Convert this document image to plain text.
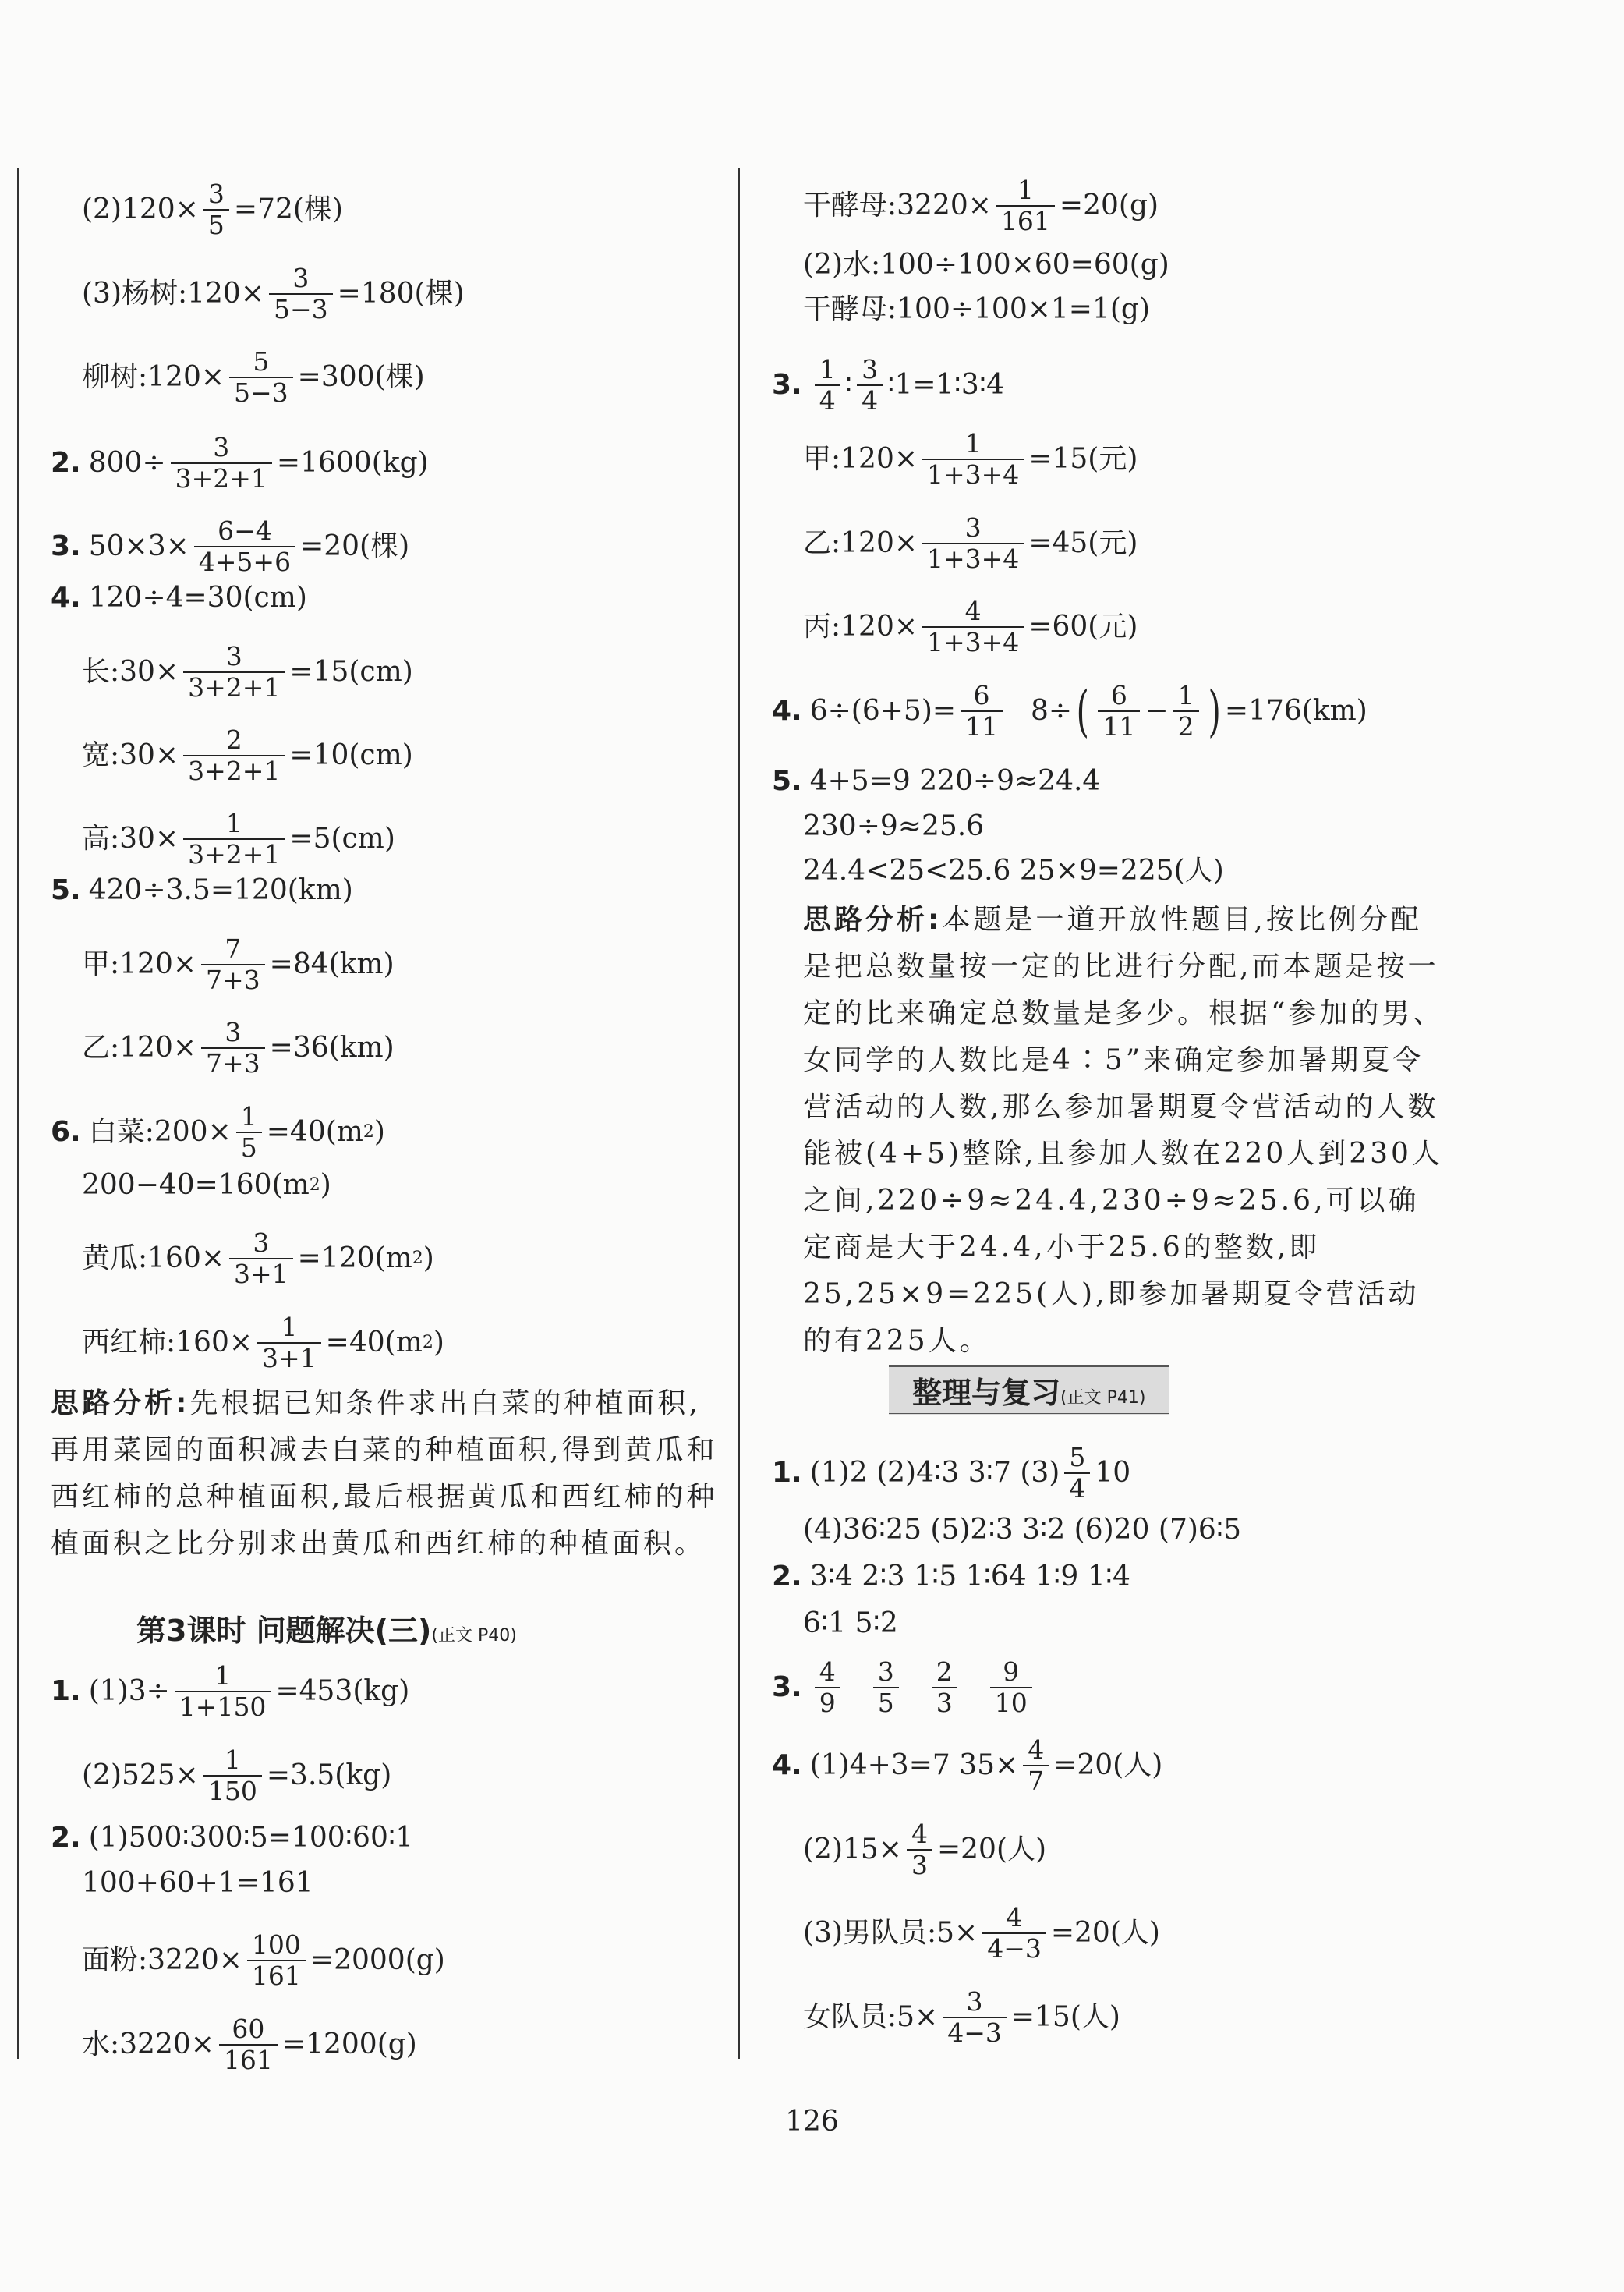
$(2)120\times \frac{3}{5} =72$(棵)
(3)杨树:120× $\frac{3}{5-3} =180$(棵)
柳树:120× $\frac{5}{5-3} =300$(棵)
2. $800\div \frac{3}{3+2+1} =1600(kg)$
3. $50\times 3\times \frac{6-4}{4+5+6} =20$(棵)
4. 120÷4=30(cm)
长:30× $\frac{3}{3+2+1} =15(cm)$
宽:30× $\frac{2}{3+2+1} =10(cm)$
高:30× $\frac{1}{3+2+1} =5(cm)$
5. 420÷3.5=120(km)
甲:120× $\frac{7}{7+3} =84(km)$
乙:120× $\frac{3}{7+3} =36(km)$
6. 白菜:200× $\frac{1}{5} =40(m$ 2 )
200−40=160(m 2 )
黄瓜:160× $\frac{3}{3+1} =120(m$ 2 )
西红柿:160× $\frac{1}{3+1} =40(m$ 2 )
思路分析:先根据已知条件求出白菜的种植面积,再用菜园的面积减去白菜的种植面积,得到黄瓜和西红柿的总种植面积,最后根据黄瓜和西红柿的种植面积之比分别求出黄瓜和西红柿的种植面积。
第3课时 问题解决(三)(正文 P40)
1. $(1)3\div \frac{1}{1+150} =453(kg)$
$(2)525\times \frac{1}{150} =3.5(kg)$
2. (1)500∶300∶5=100∶60∶1
100+60+1=161
面粉:3220× $\frac{100}{161} =2000(g)$
水:3220× $\frac{60}{161} =1200(g)$
干酵母:3220× $\frac{1}{161} =20(g)$
(2)水:100÷100×60=60(g)
干酵母:100÷100×1=1(g)
3. $\frac{1}{4}$ ∶ $\frac{3}{4}$ ∶1=1∶3∶4
甲:120× $\frac{1}{1+3+4} =15$(元)
乙:120× $\frac{3}{1+3+4} =45$(元)
丙:120× $\frac{4}{1+3+4} =60$(元)
4. $6\div(6+5)= \frac{6}{11} 8\div$ ( $\frac{6}{11} - \frac{1}{2}$ ) =176(km)
5. 4+5=9 220÷9≈24.4
230÷9≈25.6
24.4<25<25.6 25×9=225(人)
思路分析:本题是一道开放性题目,按比例分配是把总数量按一定的比进行分配,而本题是按一定的比来确定总数量是多少。根据“参加的男、女同学的人数比是4∶5”来确定参加暑期夏令营活动的人数,那么参加暑期夏令营活动的人数能被(4+5)整除,且参加人数在220人到230人之间,220÷9≈24.4,230÷9≈25.6,可以确定商是大于24.4,小于25.6的整数,即25,25×9=225(人),即参加暑期夏令营活动的有225人。
整理与复习(正文 P41)
1. (1)2 (2)4∶3 3∶7 $(3) \frac{5}{4} 10$
(4)36∶25 (5)2∶3 3∶2 (6)20 (7)6∶5
2. 3∶4 2∶3 1∶5 1∶64 1∶9 1∶4
6∶1 5∶2
3. $\frac{4}{9} \frac{3}{5} \frac{2}{3} \frac{9}{10}$
4. (1)4+3=7 $35\times \frac{4}{7} =20$(人)
$(2)15\times \frac{4}{3} =20$(人)
(3)男队员:5× $\frac{4}{4-3} =20$(人)
女队员:5× $\frac{3}{4-3} =15$(人)
126
